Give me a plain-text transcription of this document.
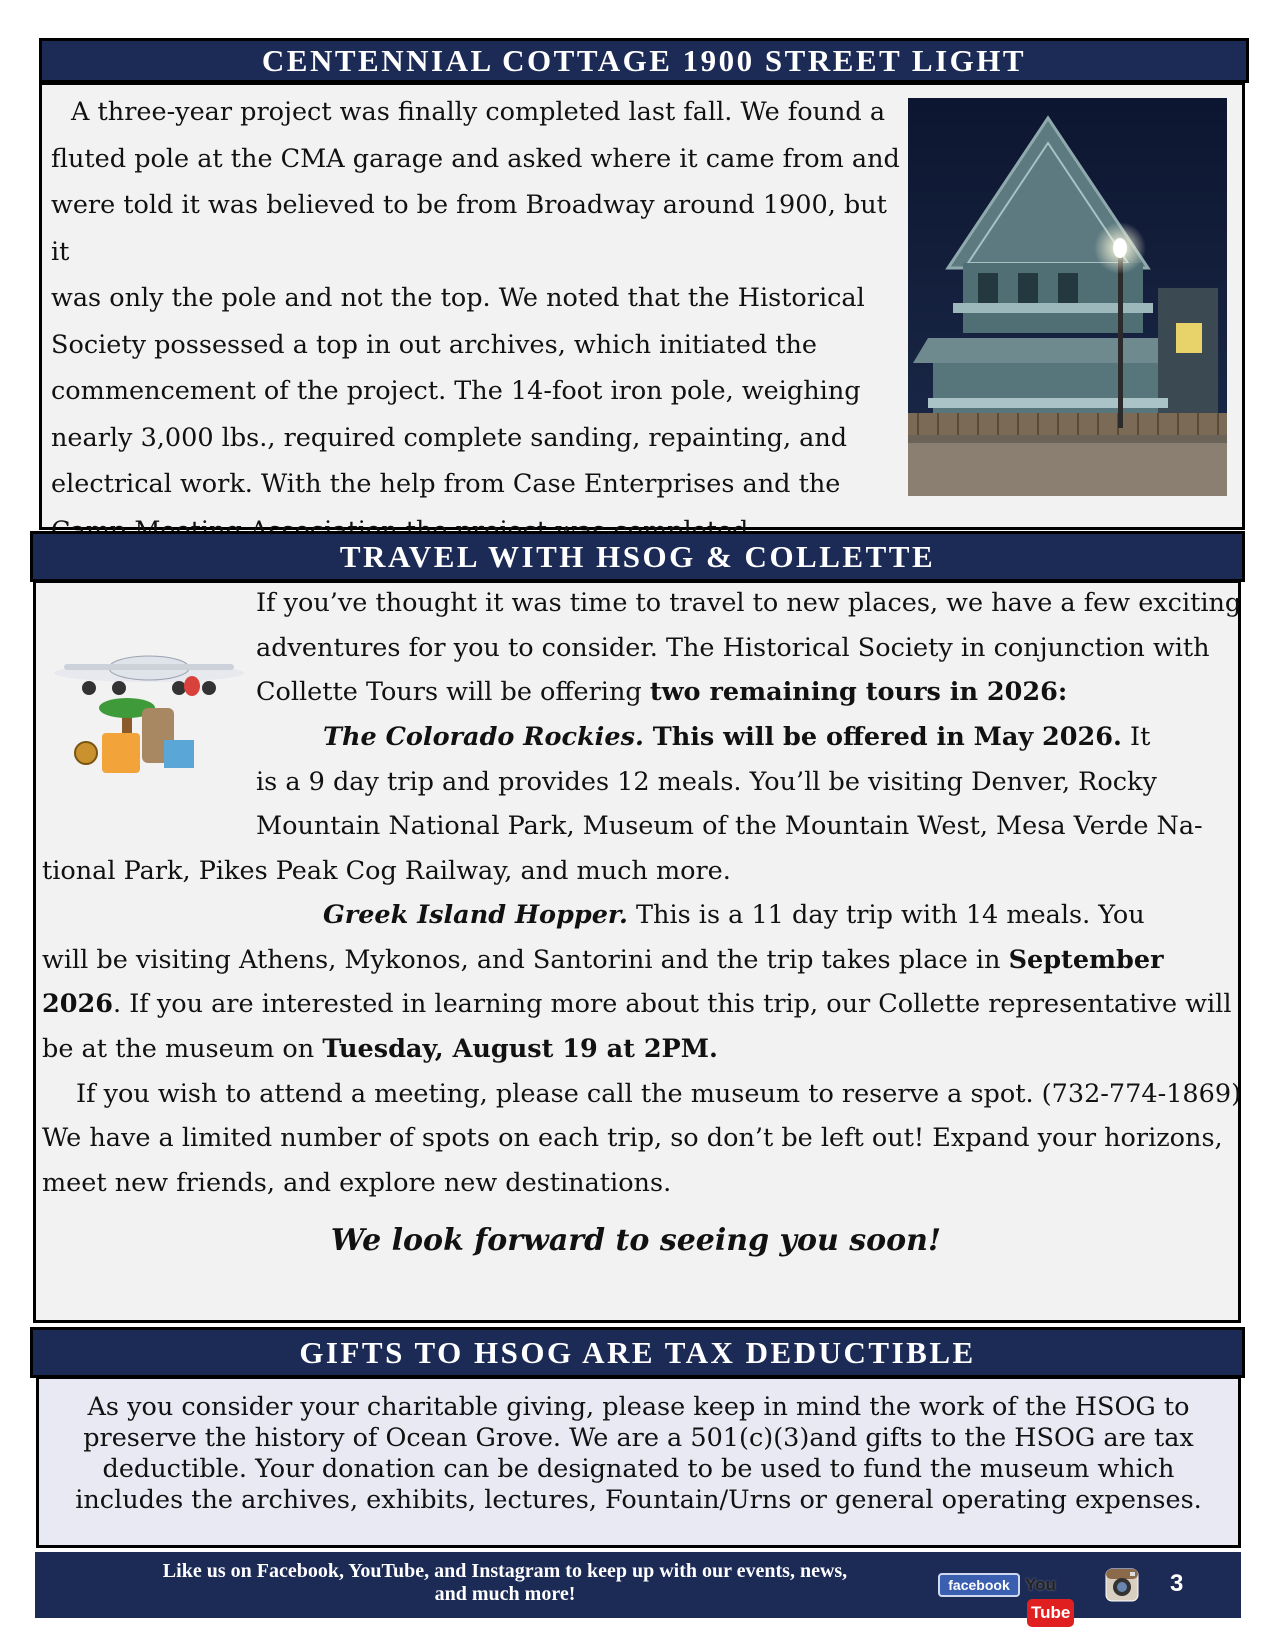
CENTENNIAL COTTAGE 1900 STREET LIGHT
A three-year project was finally completed last fall. We found a
fluted pole at the CMA garage and asked where it came from and
were told it was believed to be from Broadway around 1900, but it
was only the pole and not the top. We noted that the Historical
Society possessed a top in out archives, which initiated the
commencement of the project. The 14-foot iron pole, weighing
nearly 3,000 lbs., required complete sanding, repainting, and
electrical work. With the help from Case Enterprises and the
TRAVEL WITH HSOG & COLLETTE
If you’ve thought it was time to travel to new places, we have a few exciting
adventures for you to consider. The Historical Society in conjunction with
Collette Tours will be offering two remaining tours in 2026:
The Colorado Rockies. This will be offered in May 2026. It
is a 9 day trip and provides 12 meals. You’ll be visiting Denver, Rocky
Mountain National Park, Museum of the Mountain West, Mesa Verde Na-
tional Park, Pikes Peak Cog Railway, and much more.
Greek Island Hopper. This is a 11 day trip with 14 meals. You
will be visiting Athens, Mykonos, and Santorini and the trip takes place in September
2026. If you are interested in learning more about this trip, our Collette representative will
be at the museum on Tuesday, August 19 at 2PM.
If you wish to attend a meeting, please call the museum to reserve a spot. (732-774-1869)
We have a limited number of spots on each trip, so don’t be left out! Expand your horizons,
meet new friends, and explore new destinations.
We look forward to seeing you soon!
GIFTS TO HSOG ARE TAX DEDUCTIBLE
As you consider your charitable giving, please keep in mind the work of the HSOG to
preserve the history of Ocean Grove. We are a 501(c)(3)and gifts to the HSOG are tax
deductible. Your donation can be designated to be used to fund the museum which
includes the archives, exhibits, lectures, Fountain/Urns or general operating expenses.
Like us on Facebook, YouTube, and Instagram to keep up with our events, news,
and much more!	facebook YouTube
3
